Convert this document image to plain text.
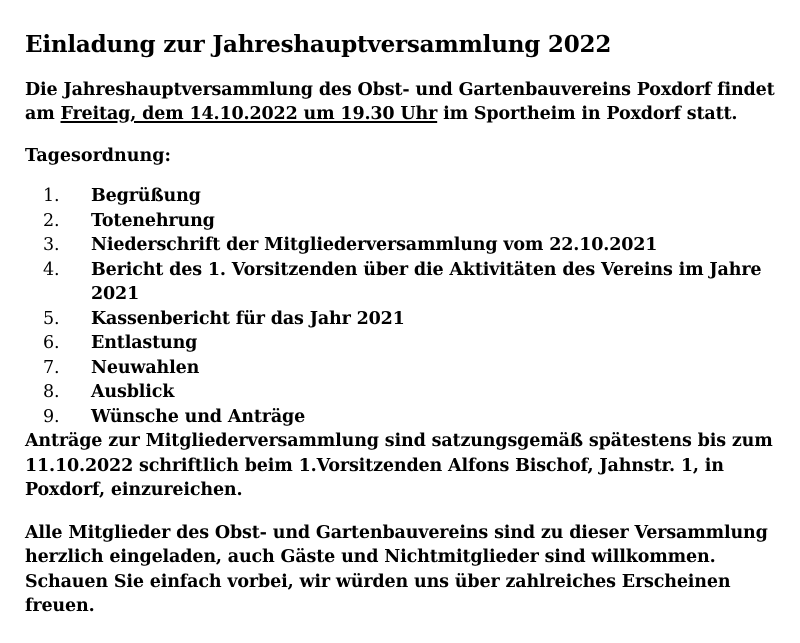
Einladung zur Jahreshauptversammlung 2022

Die Jahreshauptversammlung des Obst- und Gartenbauvereins Poxdorf findet am Freitag, dem 14.10.2022 um 19.30 Uhr im Sportheim in Poxdorf statt.

Tagesordnung:

1.	Begrüßung
2.	Totenehrung
3.	Niederschrift der Mitgliederversammlung vom 22.10.2021
4.	Bericht des 1. Vorsitzenden über die Aktivitäten des Vereins im Jahre 2021
5.	Kassenbericht für das Jahr 2021
6.	Entlastung
7.	Neuwahlen
8.	Ausblick
9.	Wünsche und Anträge

Anträge zur Mitgliederversammlung sind satzungsgemäß spätestens bis zum 11.10.2022 schriftlich beim 1.Vorsitzenden Alfons Bischof, Jahnstr. 1, in Poxdorf, einzureichen.

Alle Mitglieder des Obst- und Gartenbauvereins sind zu dieser Versammlung herzlich eingeladen, auch Gäste und Nichtmitglieder sind willkommen. Schauen Sie einfach vorbei, wir würden uns über zahlreiches Erscheinen freuen.
